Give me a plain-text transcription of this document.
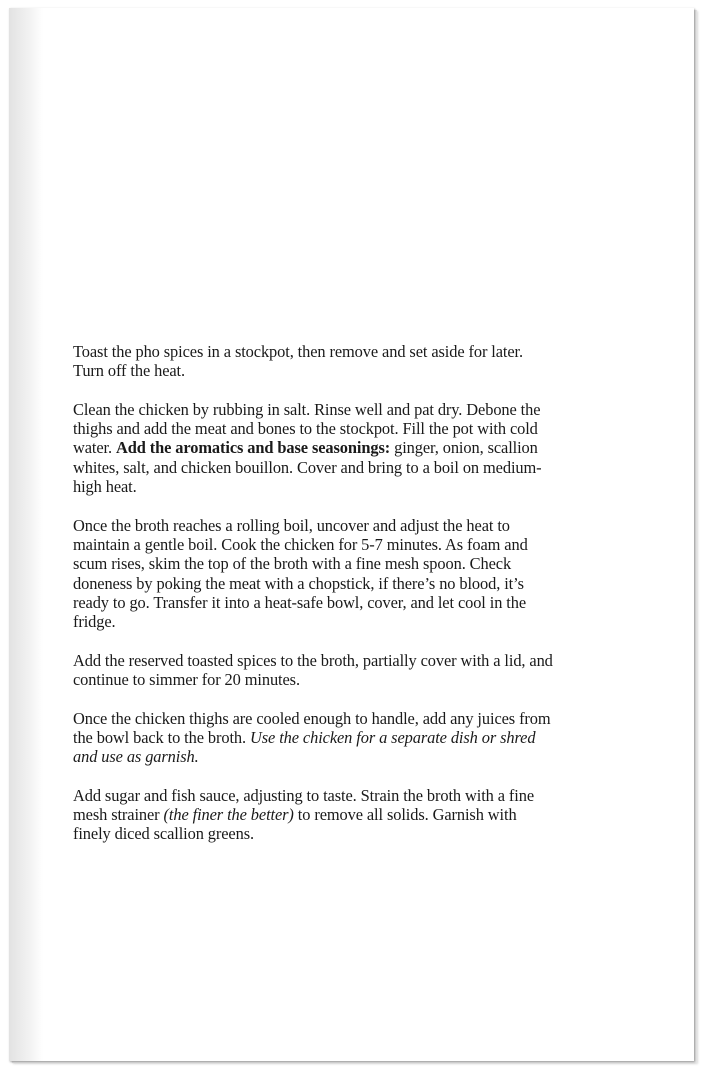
Toast the pho spices in a stockpot, then remove and set aside for later. Turn off the heat.

Clean the chicken by rubbing in salt. Rinse well and pat dry. Debone the thighs and add the meat and bones to the stockpot. Fill the pot with cold water. Add the aromatics and base seasonings: ginger, onion, scallion whites, salt, and chicken bouillon. Cover and bring to a boil on medium-high heat.

Once the broth reaches a rolling boil, uncover and adjust the heat to maintain a gentle boil. Cook the chicken for 5-7 minutes. As foam and scum rises, skim the top of the broth with a fine mesh spoon. Check doneness by poking the meat with a chopstick, if there’s no blood, it’s ready to go. Transfer it into a heat-safe bowl, cover, and let cool in the fridge.

Add the reserved toasted spices to the broth, partially cover with a lid, and continue to simmer for 20 minutes.

Once the chicken thighs are cooled enough to handle, add any juices from the bowl back to the broth. Use the chicken for a separate dish or shred and use as garnish.

Add sugar and fish sauce, adjusting to taste. Strain the broth with a fine mesh strainer (the finer the better) to remove all solids. Garnish with finely diced scallion greens.
